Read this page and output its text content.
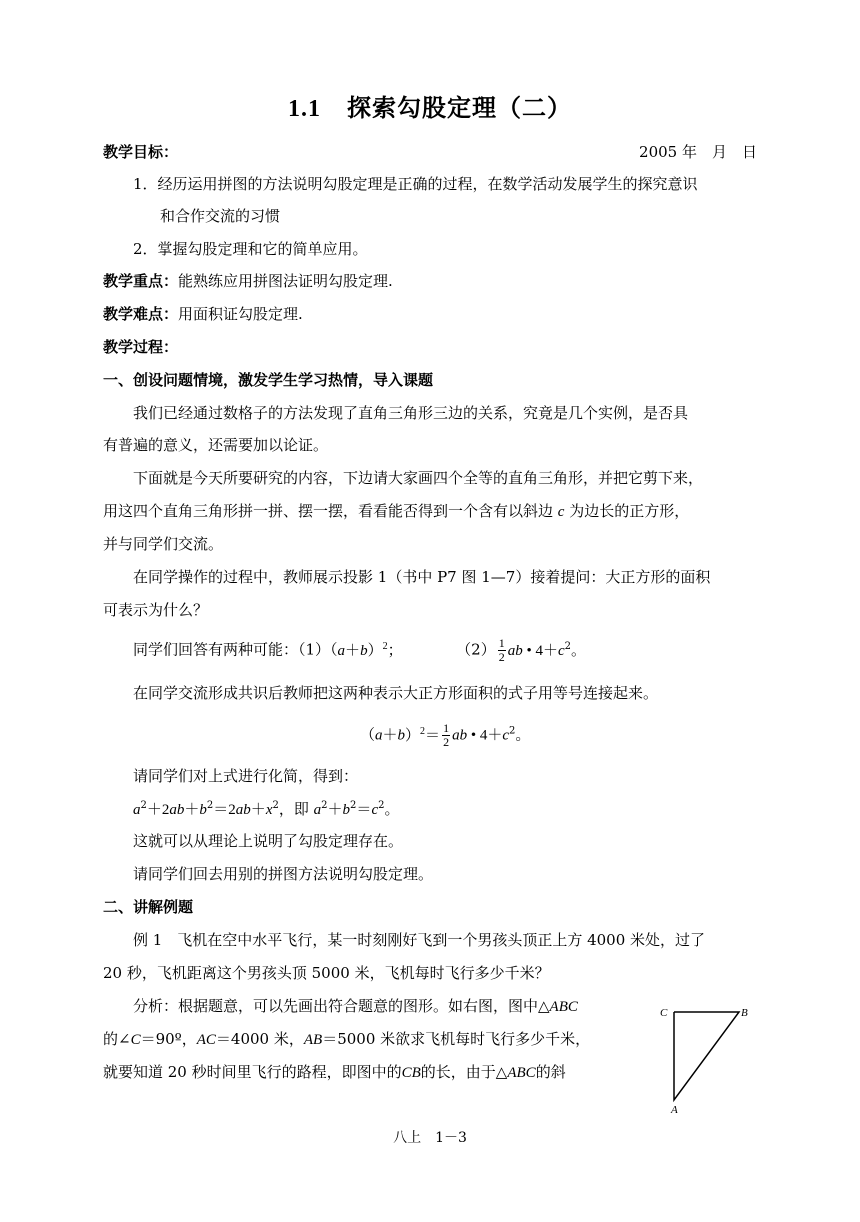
1.1 探索勾股定理（二）
教学目标：	2005 年　月　日
1．经历运用拼图的方法说明勾股定理是正确的过程，在数学活动发展学生的探究意识
和合作交流的习惯
2．掌握勾股定理和它的简单应用。
教学重点：能熟练应用拼图法证明勾股定理.
教学难点：用面积证勾股定理.
教学过程：
一、创设问题情境，激发学生学习热情，导入课题
我们已经通过数格子的方法发现了直角三角形三边的关系，究竟是几个实例，是否具
有普遍的意义，还需要加以论证。
下面就是今天所要研究的内容，下边请大家画四个全等的直角三角形，并把它剪下来，
用这四个直角三角形拼一拼、摆一摆，看看能否得到一个含有以斜边 c 为边长的正方形，
并与同学们交流。
在同学操作的过程中，教师展示投影 1（书中 P7 图 1—7）接着提问：大正方形的面积
可表示为什么？
同学们回答有两种可能：$(1)(a+b)^2$；	$(2) \frac{1}{2}$ ab • $4+c^2$。
在同学交流形成共识后教师把这两种表示大正方形面积的式子用等号连接起来。
$(a+b)^2= \frac{1}{2}$ ab • $4+c^2$。
请同学们对上式进行化简，得到：
$a^2+2ab+b^2=2ab+x^2$，即 $a^2+b^2=c^2$。
这就可以从理论上说明了勾股定理存在。
请同学们回去用别的拼图方法说明勾股定理。
二、讲解例题
例 1　飞机在空中水平飞行，某一时刻刚好飞到一个男孩头顶正上方 4000 米处，过了
20 秒，飞机距离这个男孩头顶 5000 米，飞机每时飞行多少千米？
分析：根据题意，可以先画出符合题意的图形。如右图，图中△ABC
的∠C＝90º，AC＝4000 米，AB＝5000 米欲求飞机每时飞行多少千米，
就要知道 20 秒时间里飞行的路程，即图中的CB的长，由于△ABC的斜
C	B
A
八上　1－3
